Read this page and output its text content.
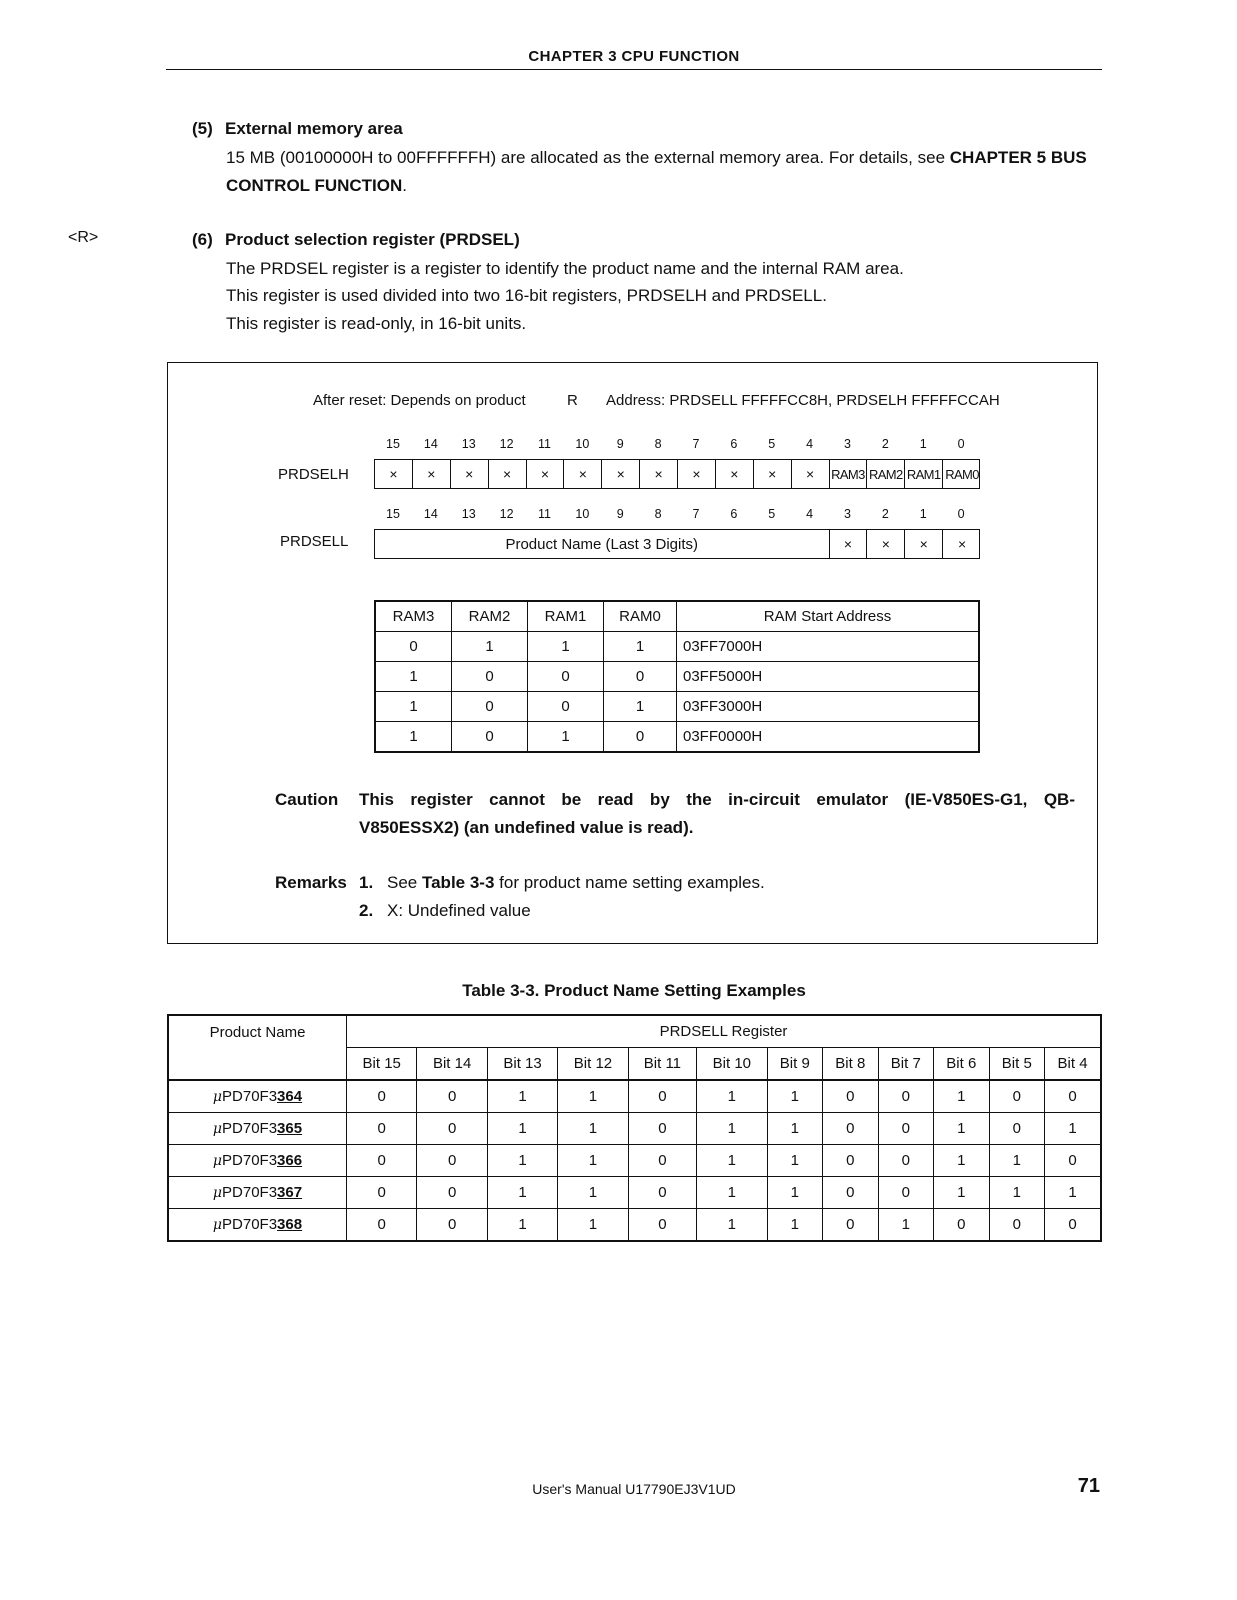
CHAPTER 3 CPU FUNCTION
(5) External memory area
15 MB (00100000H to 00FFFFFFH) are allocated as the external memory area. For details, see CHAPTER 5 BUS CONTROL FUNCTION.
<R>	(6) Product selection register (PRDSEL)
The PRDSEL register is a register to identify the product name and the internal RAM area.
This register is used divided into two 16-bit registers, PRDSELH and PRDSELL.
This register is read-only, in 16-bit units.
After reset: Depends on product	R Address: PRDSELL FFFFFCC8H, PRDSELH FFFFFCCAH
15	14	13	12	11	10	9	8	7	6	5	4	3	2	1	0
PRDSELH	×	×	×	×	×	×	×	×	×	×	×	×	RAM3 RAM2 RAM1 RAM0
15	14	13	12	11	10	9	8	7	6	5	4	3	2	1	0
PRDSELL	Product Name (Last 3 Digits)	×	×	×	×
RAM3	RAM2	RAM1	RAM0	RAM Start Address
0	1	1	1	03FF7000H
1	0	0	0	03FF5000H
1	0	0	1	03FF3000H
1	0	1	0	03FF0000H
Caution	This register cannot be read by the in-circuit emulator (IE-V850ES-G1, QB-
V850ESSX2) (an undefined value is read).
Remarks 1. See Table 3-3 for product name setting examples.
2. X: Undefined value
Table 3-3. Product Name Setting Examples
Product Name	PRDSELL Register											
	Bit 15	Bit 14	Bit 13	Bit 12	Bit 11	Bit 10	Bit 9	Bit 8	Bit 7	Bit 6	Bit 5	Bit 4
μPD70F3364	0	0	1	1	0	1	1	0	0	1	0	0
μPD70F3365	0	0	1	1	0	1	1	0	0	1	0	1
μPD70F3366	0	0	1	1	0	1	1	0	0	1	1	0
μPD70F3367	0	0	1	1	0	1	1	0	0	1	1	1
μPD70F3368	0	0	1	1	0	1	1	0	1	0	0	0
User's Manual U17790EJ3V1UD	71
